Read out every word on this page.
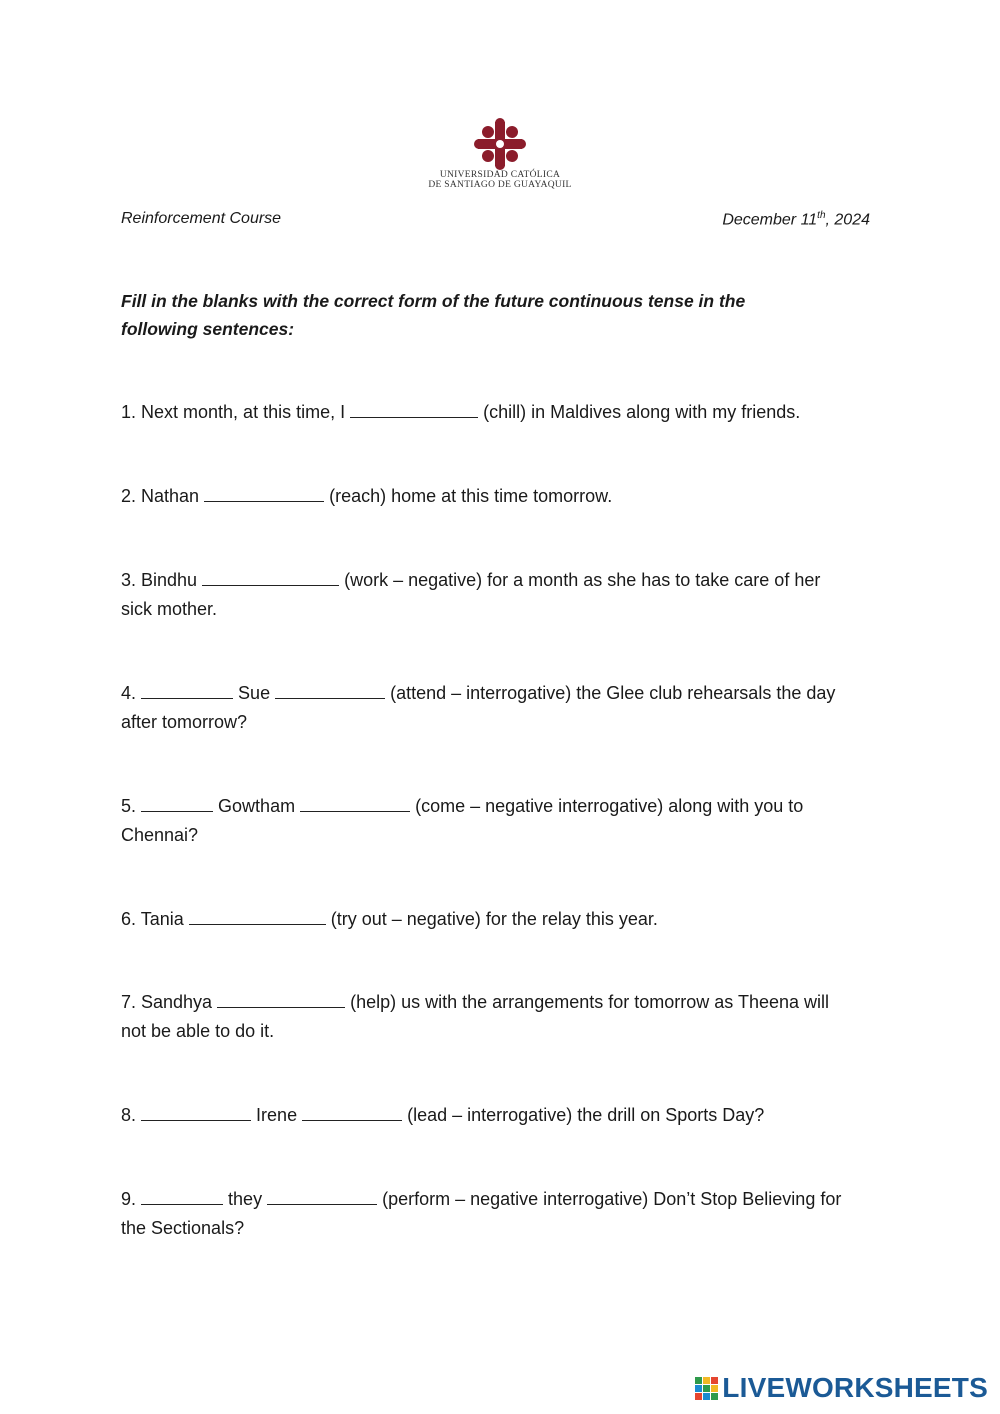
UNIVERSIDAD CATÓLICA
DE SANTIAGO DE GUAYAQUIL
Reinforcement Course	December 11th, 2024
Fill in the blanks with the correct form of the future continuous tense in the
following sentences:
1. Next month, at this time, I	(chill) in Maldives along with my friends.
2. Nathan	(reach) home at this time tomorrow.
3. Bindhu	(work – negative) for a month as she has to take care of her
sick mother.
4.	Sue	(attend – interrogative) the Glee club rehearsals the day
after tomorrow?
5.	Gowtham	(come – negative interrogative) along with you to
Chennai?
6. Tania	(try out – negative) for the relay this year.
7. Sandhya	(help) us with the arrangements for tomorrow as Theena will
not be able to do it.
8.	Irene	(lead – interrogative) the drill on Sports Day?
9.	they	(perform – negative interrogative) Don’t Stop Believing for
the Sectionals?
LIVEWORKSHEETS
